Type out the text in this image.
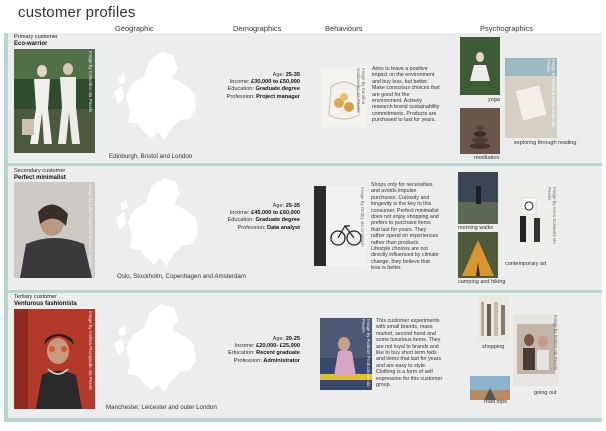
customer profiles
Geographic	Demographics	Behaviours	Psychographics
Primary customer
Eco-warrior
Image by Cottonbro via Pexels
Edinburgh, Bristol and London
Age: 25-35
Income: £30,000 to £50,000
Education: Graduate degree
Profession: Project manager	Image by Karolina Grabowska via Pexels	Aims to leave a positive impact on the environment and buy less, but better. Make conscious choices that are good for the environment. Actively research brand sustainability commitments. Products are purchased to last for years.
yoga
meditation
Image by Karolina Grabowska via Pexels
exploring through reading
Secondary customer
Perfect minimalist
Image by Kelly Vogelhsohen via Unsplash
Oslo, Stockholm, Copenhagen and Amsterdam
Age: 25-35
Income: £45,000 to £60,000
Education: Graduate degree
Profession: Data analyst	Image by Dmitry via Unsplash
Shops only for necessities and avoids impulse purchases. Curiosity and longevity is the key to this consumer. Perfect minimalist does not enjoy shopping and prefers to purchase items that last for years. They rather spend on experiences rather than products. Lifestyle choices are not directly influenced by climate change, they believe that less is better.
morning walks	Image by Anna Schwartz via Pexels
contemporary art
camping and hiking
Tertiary customer
Venturous fashionista
Image by Andrea Piacquadio via Pexels
Manchester, Leicester and outer London
Age: 20-25
Income: £20,000- £25,000
Education: Recent graduate
Profession: Administrator	Image by Rodnae Productions via Pexels	This customer experiments with small brands, mass market, second hand and some luxurious items. They are not loyal to brands and like to buy short term fads and items that last for years and are easy to style. Clothing is a form of self expression for this customer group.
shopping	Image by Robert via Pexels
going out
road trips
